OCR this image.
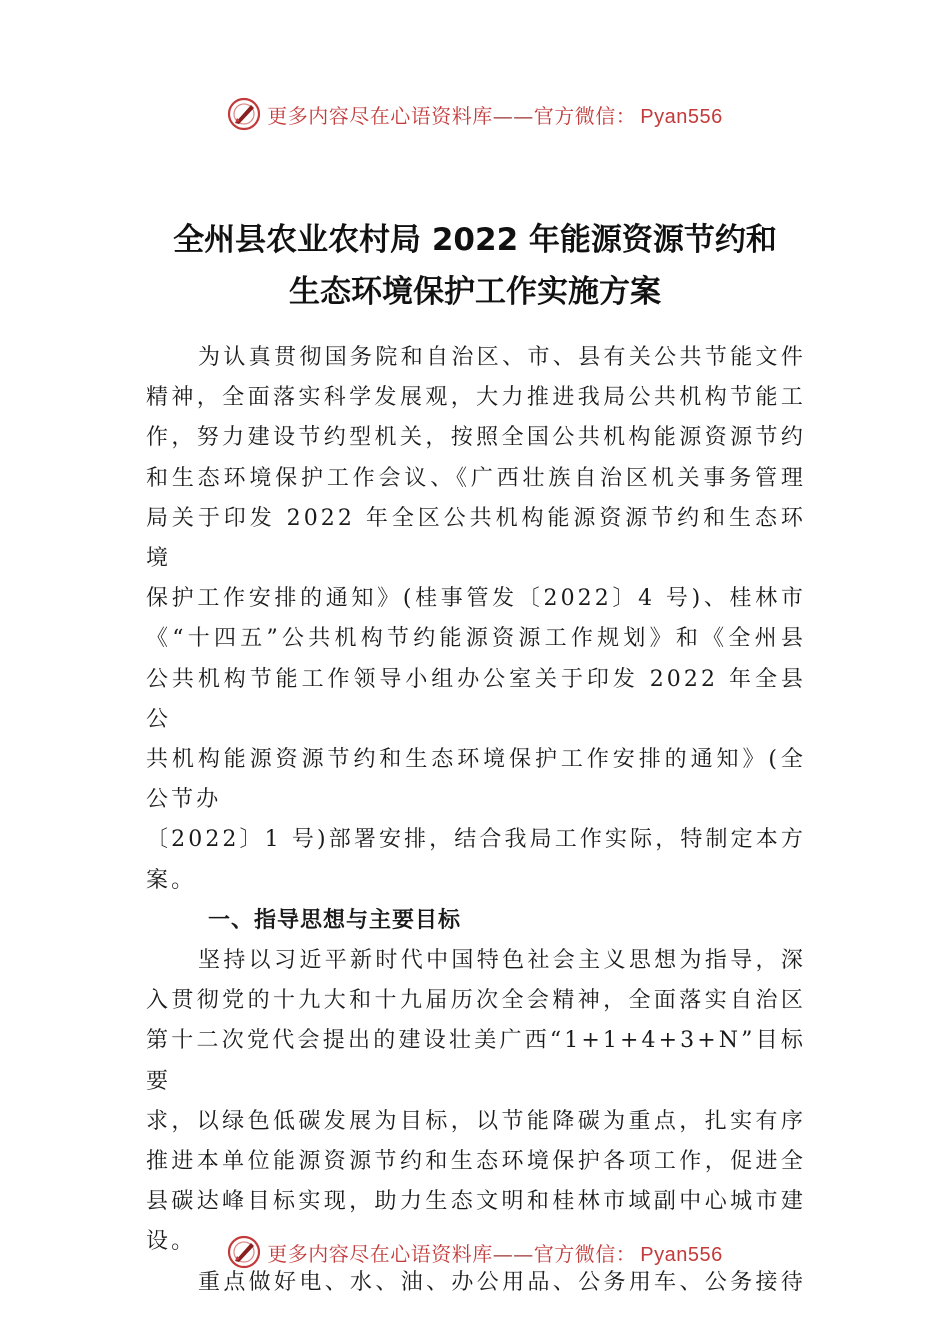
更多内容尽在心语资料库——官方微信： Pyan556
全州县农业农村局 2022 年能源资源节约和
生态环境保护工作实施方案

为认真贯彻国务院和自治区、市、县有关公共节能文件

精神，全面落实科学发展观，大力推进我局公共机构节能工

作，努力建设节约型机关，按照全国公共机构能源资源节约

和生态环境保护工作会议、《广西壮族自治区机关事务管理

局关于印发 2022 年全区公共机构能源资源节约和生态环境

保护工作安排的通知》(桂事管发〔2022〕4 号)、桂林市

《“十四五”公共机构节约能源资源工作规划》和《全州县

公共机构节能工作领导小组办公室关于印发 2022 年全县公

共机构能源资源节约和生态环境保护工作安排的通知》(全

公节办

〔2022〕1 号)部署安排，结合我局工作实际，特制定本方案。

一、指导思想与主要目标

坚持以习近平新时代中国特色社会主义思想为指导，深

入贯彻党的十九大和十九届历次全会精神，全面落实自治区

第十二次党代会提出的建设壮美广西“1+1+4+3+N”目标要

求，以绿色低碳发展为目标，以节能降碳为重点，扎实有序

推进本单位能源资源节约和生态环境保护各项工作，促进全

县碳达峰目标实现，助力生态文明和桂林市域副中心城市建

设。

重点做好电、水、油、办公用品、公务用车、公务接待

更多内容尽在心语资料库——官方微信： Pyan556
